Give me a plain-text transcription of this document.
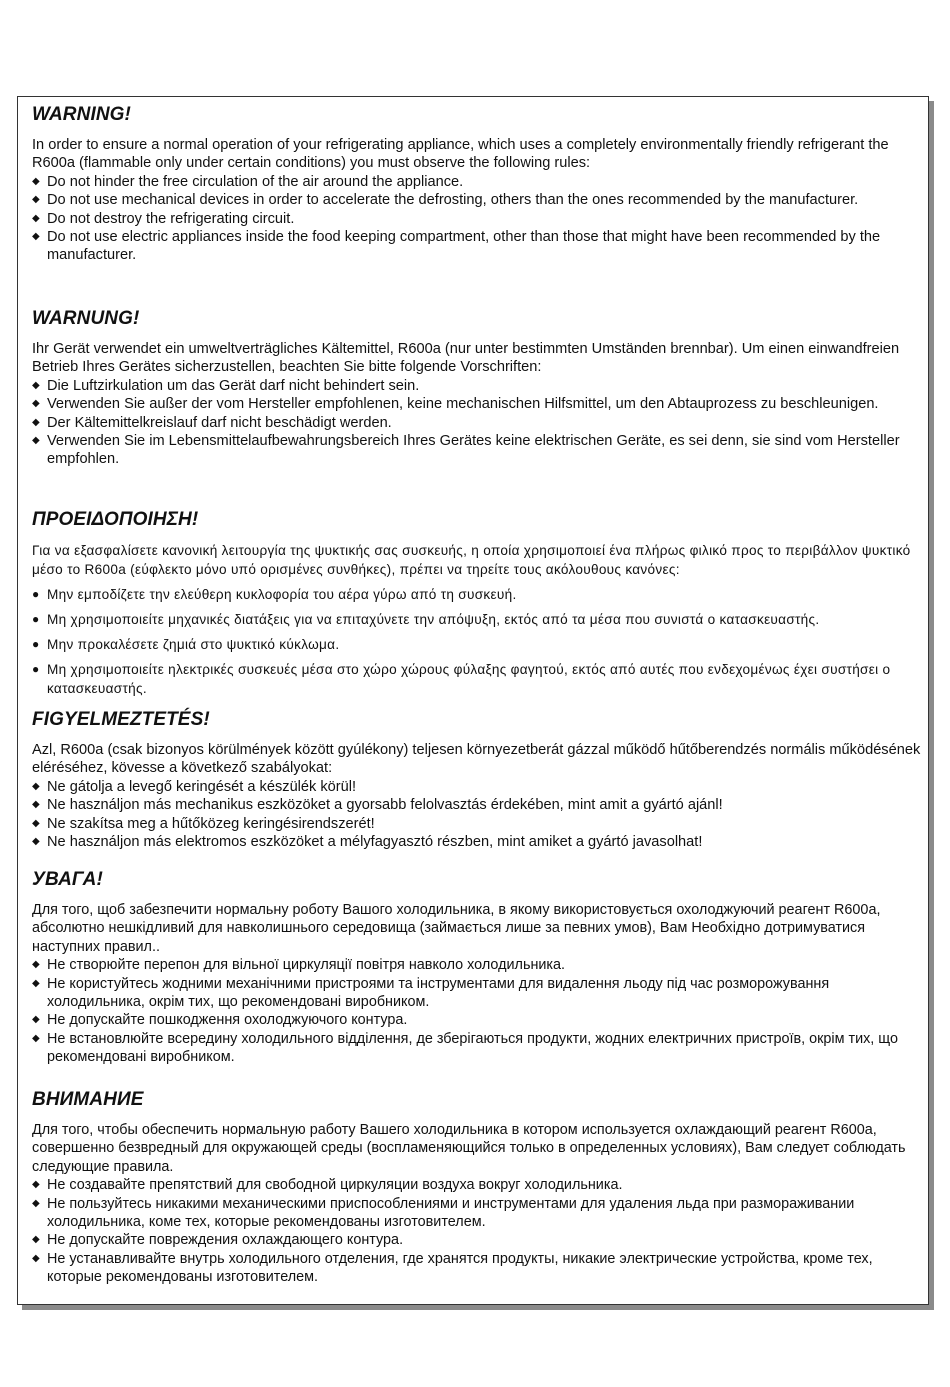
WARNING!

In order to ensure a normal operation of your refrigerating appliance, which uses a completely environmentally friendly refrigerant the R600a (flammable only under certain conditions) you must observe the following rules:

◆ Do not hinder the free circulation of the air around the appliance.
◆ Do not use mechanical devices in order to accelerate the defrosting, others than the ones recommended by the manufacturer.
◆ Do not destroy the refrigerating circuit.
◆ Do not use electric appliances inside the food keeping compartment, other than those that might have been recommended by the manufacturer.
WARNUNG!

Ihr Gerät verwendet ein umweltverträgliches Kältemittel, R600a (nur unter bestimmten Umständen brennbar). Um einen einwandfreien Betrieb Ihres Gerätes sicherzustellen, beachten Sie bitte folgende Vorschriften:

◆ Die Luftzirkulation um das Gerät darf nicht behindert sein.
◆ Verwenden Sie außer der vom Hersteller empfohlenen, keine mechanischen Hilfsmittel, um den Abtauprozess zu beschleunigen.
◆ Der Kältemittelkreislauf darf nicht beschädigt werden.
◆ Verwenden Sie im Lebensmittelaufbewahrungsbereich Ihres Gerätes keine elektrischen Geräte, es sei denn, sie sind vom Hersteller empfohlen.
ΠΡΟΕΙΔΟΠΟΙΗΣΗ!

Για να εξασφαλίσετε κανονική λειτουργία της ψυκτικής σας συσκευής, η οποία χρησιμοποιεί ένα πλήρως φιλικό προς το περιβάλλον ψυκτικό μέσο το R600a (εύφλεκτο μόνο υπό ορισμένες συνθήκες), πρέπει να τηρείτε τους ακόλουθους κανόνες:

● Μην εμποδίζετε την ελεύθερη κυκλοφορία του αέρα γύρω από τη συσκευή.
● Μη χρησιμοποιείτε μηχανικές διατάξεις για να επιταχύνετε την απόψυξη, εκτός από τα μέσα που συνιστά ο κατασκευαστής.
● Μην προκαλέσετε ζημιά στο ψυκτικό κύκλωμα.
● Μη χρησιμοποιείτε ηλεκτρικές συσκευές μέσα στο χώρο χώρους φύλαξης φαγητού, εκτός από αυτές που ενδεχομένως έχει συστήσει ο κατασκευαστής.
FIGYELMEZTETÉS!

Azl, R600a (csak bizonyos körülmények között gyúlékony) teljesen környezetberát gázzal működő hűtőberendzés normális működésének eléréséhez, kövesse a következő szabályokat:

◆ Ne gátolja a levegő keringését a készülék körül!
◆ Ne használjon más mechanikus eszközöket a gyorsabb felolvasztás érdekében, mint amit a gyártó ajánl!
◆ Ne szakítsa meg a hűtőközeg keringésirendszerét!
◆ Ne használjon más elektromos eszközöket a mélyfagyasztó részben, mint amiket a gyártó javasolhat!
УВАГА!

Для того, щоб забезпечити нормальну роботу Вашого холодильника, в якому використовується охолоджуючий реагент R600a, абсолютно нешкідливий для навколишнього середовища (займається лише за певних умов), Вам Необхідно дотримуватися наступних правил..

◆ Не створюйте перепон для вільної циркуляції повітря навколо холодильника.
◆ Не користуйтесь жодними механічними пристроями та інструментами для видалення льоду під час розморожування холодильника, окрім тих, що рекомендовані виробником.
◆ Не допускайте пошкодження охолоджуючого контура.
◆ Не встановлюйте всередину холодильного відділення, де зберігаються продукти, жодних електричних пристроїв, окрім тих, що рекомендовані виробником.
ВНИМАНИЕ

Для того, чтобы обеспечить нормальную работу Вашего холодильника в котором используется охлаждающий реагент R600a, совершенно безвредный для окружающей среды (воспламеняющийся только в определенных условиях), Вам следует соблюдать следующие правила.

◆ Не создавайте препятствий для свободной циркуляции воздуха вокруг холодильника.
◆ Не пользуйтесь никакими механическими приспособлениями и инструментами для удаления льда при размораживании холодильника, коме тех, которые рекомендованы изготовителем.
◆ Не допускайте повреждения охлаждающего контура.
◆ Не устанавливайте внутрь холодильного отделения, где хранятся продукты, никакие электрические устройства, кроме тех, которые рекомендованы изготовителем.
